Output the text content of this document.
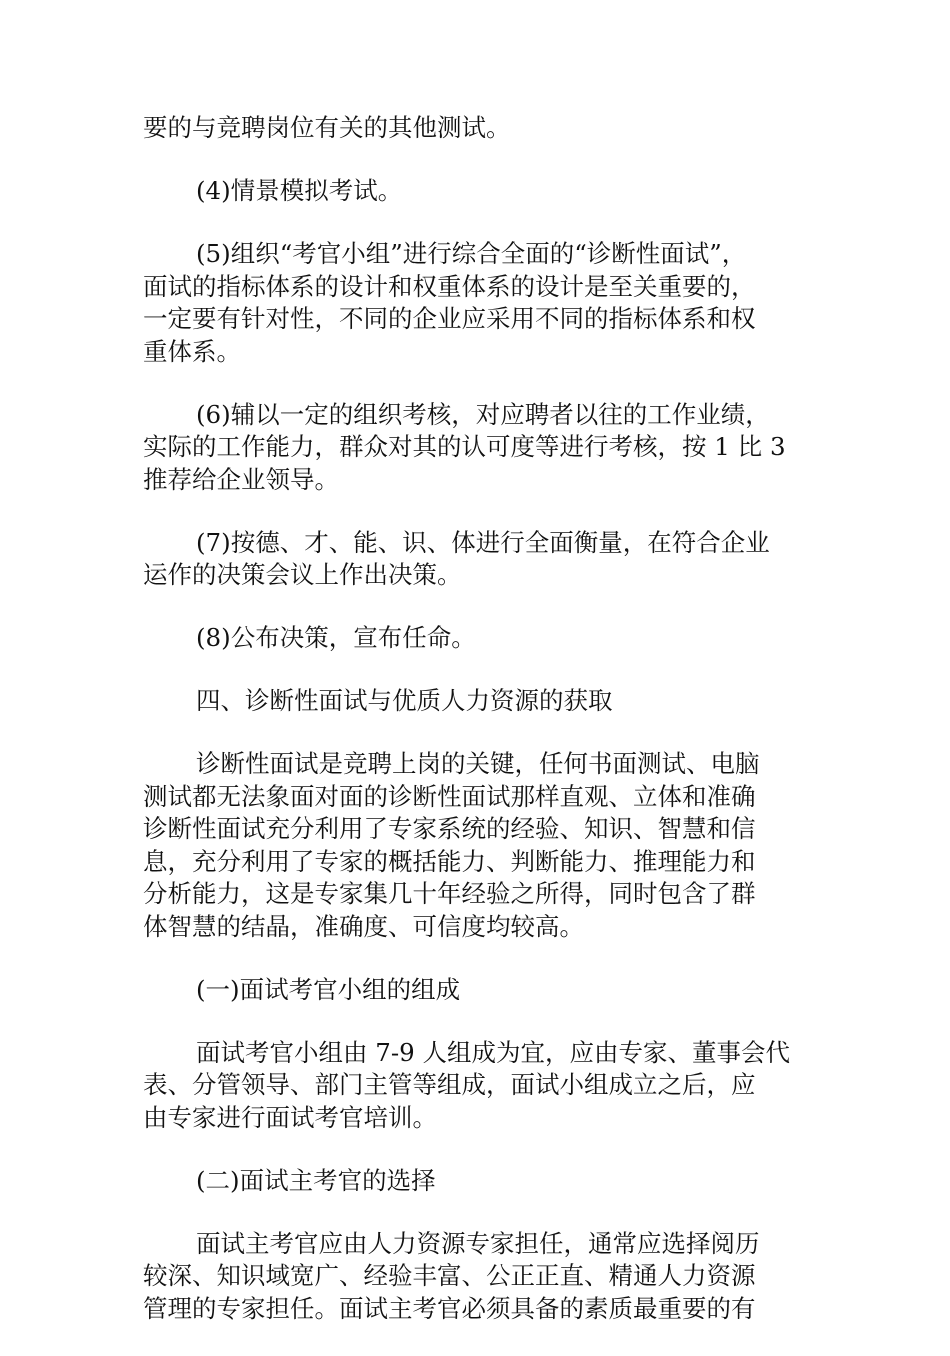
要的与竞聘岗位有关的其他测试。

(4)情景模拟考试。

(5)组织“考官小组”进行综合全面的“诊断性面试”，
面试的指标体系的设计和权重体系的设计是至关重要的，
一定要有针对性，不同的企业应采用不同的指标体系和权
重体系。

(6)辅以一定的组织考核，对应聘者以往的工作业绩，
实际的工作能力，群众对其的认可度等进行考核，按 1 比 3
推荐给企业领导。

(7)按德、才、能、识、体进行全面衡量，在符合企业
运作的决策会议上作出决策。

(8)公布决策，宣布任命。

四、诊断性面试与优质人力资源的获取

诊断性面试是竞聘上岗的关键，任何书面测试、电脑
测试都无法象面对面的诊断性面试那样直观、立体和准确
诊断性面试充分利用了专家系统的经验、知识、智慧和信
息，充分利用了专家的概括能力、判断能力、推理能力和
分析能力，这是专家集几十年经验之所得，同时包含了群
体智慧的结晶，准确度、可信度均较高。

(一)面试考官小组的组成

面试考官小组由 7-9 人组成为宜，应由专家、董事会代
表、分管领导、部门主管等组成，面试小组成立之后，应
由专家进行面试考官培训。

(二)面试主考官的选择

面试主考官应由人力资源专家担任，通常应选择阅历
较深、知识域宽广、经验丰富、公正正直、精通人力资源
管理的专家担任。面试主考官必须具备的素质最重要的有
